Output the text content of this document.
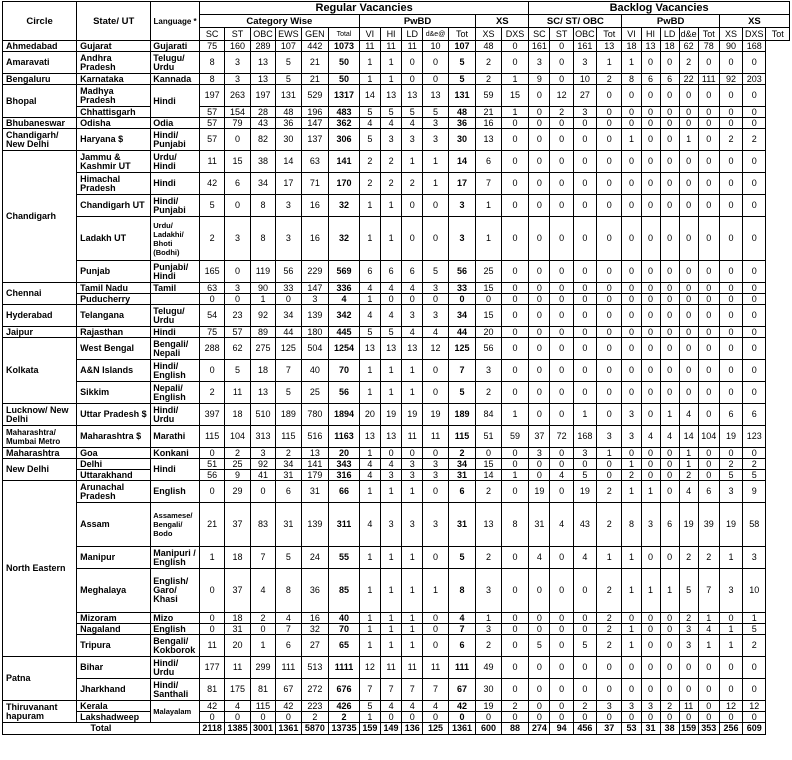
Circle	State/ UT	Language *	Regular Vacancies													Backlog Vacancies											
			Category Wise						PwBD					XS		SC/ ST/ OBC				PwBD					XS		
			SC	ST	OBC	EWS	GEN	Total	VI	HI	LD	d&e@	Tot	XS	DXS	SC	ST	OBC	Tot	VI	HI	LD	d&e	Tot	XS	DXS	Tot
Ahmedabad	Gujarat	Gujarati	75	160	289	107	442	1073	11	11	11	10	107	48	0	161	0	161	13	18	13	18	62	78	90	168	
Amaravati	Andhra Pradesh	Telugu/ Urdu	8	3	13	5	21	50	1	1	0	0	5	2	0	3	0	3	1	1	0	0	2	0	0	0	
Bengaluru	Karnataka	Kannada	8	3	13	5	21	50	1	1	0	0	5	2	1	9	0	10	2	8	6	6	22	111	92	203	
Bhopal	Madhya Pradesh	Hindi	197	263	197	131	529	1317	14	13	13	13	131	59	15	0	12	27	0	0	0	0	0	0	0	0	
	Chhattisgarh		57	154	28	48	196	483	5	5	5	5	48	21	1	0	2	3	0	0	0	0	0	0	0	0	
Bhubaneswar	Odisha	Odia	57	79	43	36	147	362	4	4	4	3	36	16	0	0	0	0	0	0	0	0	0	0	0	0	
Chandigarh/ New Delhi	Haryana $	Hindi/ Punjabi	57	0	82	30	137	306	5	3	3	3	30	13	0	0	0	0	0	1	0	0	1	0	2	2	
Chandigarh	Jammu & Kashmir UT	Urdu/ Hindi	11	15	38	14	63	141	2	2	1	1	14	6	0	0	0	0	0	0	0	0	0	0	0	0	
	Himachal Pradesh	Hindi	42	6	34	17	71	170	2	2	2	1	17	7	0	0	0	0	0	0	0	0	0	0	0	0	
	Chandigarh UT	Hindi/ Punjabi	5	0	8	3	16	32	1	1	0	0	3	1	0	0	0	0	0	0	0	0	0	0	0	0	
	Ladakh UT	Urdu/ Ladakhi/ Bhoti (Bodhi)	2	3	8	3	16	32	1	1	0	0	3	1	0	0	0	0	0	0	0	0	0	0	0	0	
	Punjab	Punjabi/ Hindi	165	0	119	56	229	569	6	6	6	5	56	25	0	0	0	0	0	0	0	0	0	0	0	0	
Chennai	Tamil Nadu	Tamil	63	3	90	33	147	336	4	4	4	3	33	15	0	0	0	0	0	0	0	0	0	0	0	0	
	Puducherry		0	0	1	0	3	4	1	0	0	0	0	0	0	0	0	0	0	0	0	0	0	0	0	0	
Hyderabad	Telangana	Telugu/ Urdu	54	23	92	34	139	342	4	4	3	3	34	15	0	0	0	0	0	0	0	0	0	0	0	0	
Jaipur	Rajasthan	Hindi	75	57	89	44	180	445	5	5	4	4	44	20	0	0	0	0	0	0	0	0	0	0	0	0	
Kolkata	West Bengal	Bengali/ Nepali	288	62	275	125	504	1254	13	13	13	12	125	56	0	0	0	0	0	0	0	0	0	0	0	0	
	A&N Islands	Hindi/ English	0	5	18	7	40	70	1	1	1	0	7	3	0	0	0	0	0	0	0	0	0	0	0	0	
	Sikkim	Nepali/ English	2	11	13	5	25	56	1	1	1	0	5	2	0	0	0	0	0	0	0	0	0	0	0	0	
Lucknow/ New Delhi	Uttar Pradesh $	Hindi/ Urdu	397	18	510	189	780	1894	20	19	19	19	189	84	1	0	0	1	0	3	0	1	4	0	6	6	
Maharashtra/ Mumbai Metro	Maharashtra $	Marathi	115	104	313	115	516	1163	13	13	11	11	115	51	59	37	72	168	3	3	4	4	14	104	19	123	
Maharashtra	Goa	Konkani	0	2	3	2	13	20	1	0	0	0	2	0	0	3	0	3	1	0	0	0	1	0	0	0	
New Delhi	Delhi	Hindi	51	25	92	34	141	343	4	4	3	3	34	15	0	0	0	0	0	1	0	0	1	0	2	2	
	Uttarakhand		56	9	41	31	179	316	4	3	3	3	31	14	1	0	4	5	0	2	0	0	2	0	5	5	
North Eastern	Arunachal Pradesh	English	0	29	0	6	31	66	1	1	1	0	6	2	0	19	0	19	2	1	1	0	4	6	3	9	
	Assam	Assamese/ Bengali/ Bodo	21	37	83	31	139	311	4	3	3	3	31	13	8	31	4	43	2	8	3	6	19	39	19	58	
	Manipur	Manipuri / English	1	18	7	5	24	55	1	1	1	0	5	2	0	4	0	4	1	1	0	0	2	2	1	3	
	Meghalaya	English/ Garo/ Khasi	0	37	4	8	36	85	1	1	1	1	8	3	0	0	0	0	2	1	1	1	5	7	3	10	
	Mizoram	Mizo	0	18	2	4	16	40	1	1	1	0	4	1	0	0	0	0	2	0	0	0	2	1	0	1	
	Nagaland	English	0	31	0	7	32	70	1	1	1	0	7	3	0	0	0	0	2	1	0	0	3	4	1	5	
	Tripura	Bengali/ Kokborok	11	20	1	6	27	65	1	1	1	0	6	2	0	5	0	5	2	1	0	0	3	1	1	2	
Patna	Bihar	Hindi/ Urdu	177	11	299	111	513	1111	12	11	11	11	111	49	0	0	0	0	0	0	0	0	0	0	0	0	
	Jharkhand	Hindi/ Santhali	81	175	81	67	272	676	7	7	7	7	67	30	0	0	0	0	0	0	0	0	0	0	0	0	
Thiruvanant hapuram	Kerala	Malayalam	42	4	115	42	223	426	5	4	4	4	42	19	2	0	0	2	3	3	3	2	11	0	12	12	
	Lakshadweep		0	0	0	0	2	2	1	0	0	0	0	0	0	0	0	0	0	0	0	0	0	0	0	0	
Total			2118	1385	3001	1361	5870	13735	159	149	136	125	1361	600	88	274	94	456	37	53	31	38	159	353	256	609	
